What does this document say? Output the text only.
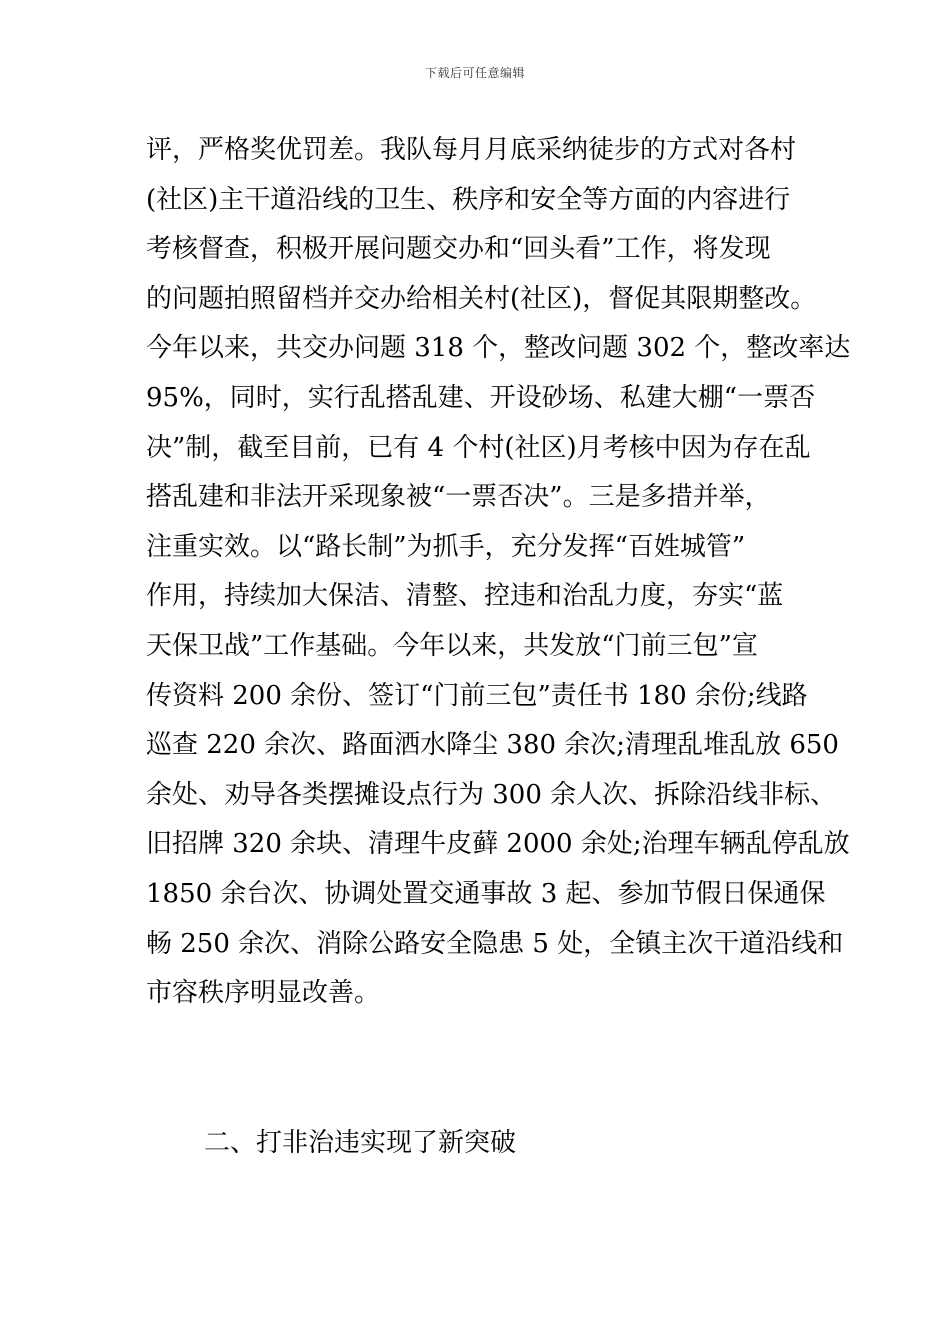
下载后可任意编辑
评，严格奖优罚差。我队每月月底采纳徒步的方式对各村
(社区)主干道沿线的卫生、秩序和安全等方面的内容进行
考核督查，积极开展问题交办和“回头看”工作，将发现
的问题拍照留档并交办给相关村(社区)，督促其限期整改。
今年以来，共交办问题 318 个，整改问题 302 个，整改率达
95%，同时，实行乱搭乱建、开设砂场、私建大棚“一票否
决”制，截至目前，已有 4 个村(社区)月考核中因为存在乱
搭乱建和非法开采现象被“一票否决”。三是多措并举，
注重实效。以“路长制”为抓手，充分发挥“百姓城管”
作用，持续加大保洁、清整、控违和治乱力度，夯实“蓝
天保卫战”工作基础。今年以来，共发放“门前三包”宣
传资料 200 余份、签订“门前三包”责任书 180 余份;线路
巡查 220 余次、路面洒水降尘 380 余次;清理乱堆乱放 650
余处、劝导各类摆摊设点行为 300 余人次、拆除沿线非标、
旧招牌 320 余块、清理牛皮藓 2000 余处;治理车辆乱停乱放
1850 余台次、协调处置交通事故 3 起、参加节假日保通保
畅 250 余次、消除公路安全隐患 5 处，全镇主次干道沿线和
市容秩序明显改善。
二、打非治违实现了新突破
